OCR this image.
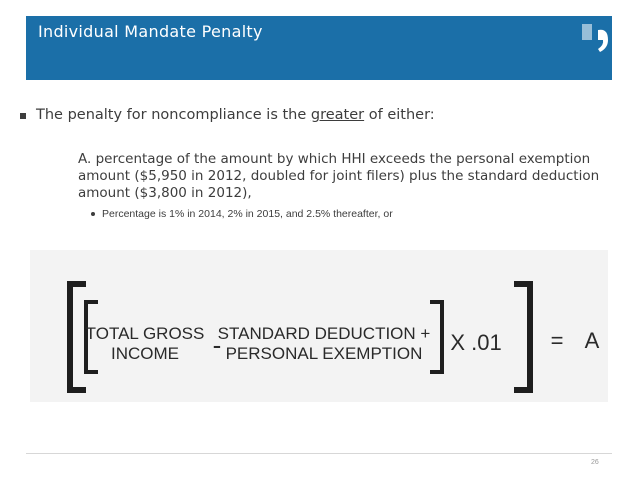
Individual Mandate Penalty
The penalty for noncompliance is the greater of either:
A. percentage of the amount by which HHI exceeds the personal exemption amount ($5,950 in 2012, doubled for joint filers) plus the standard deduction amount ($3,800 in 2012),
Percentage is 1% in 2014, 2% in 2015, and 2.5% thereafter, or
TOTAL GROSS
INCOME -
STANDARD DEDUCTION +
PERSONAL EXEMPTION X .01 = A
26
